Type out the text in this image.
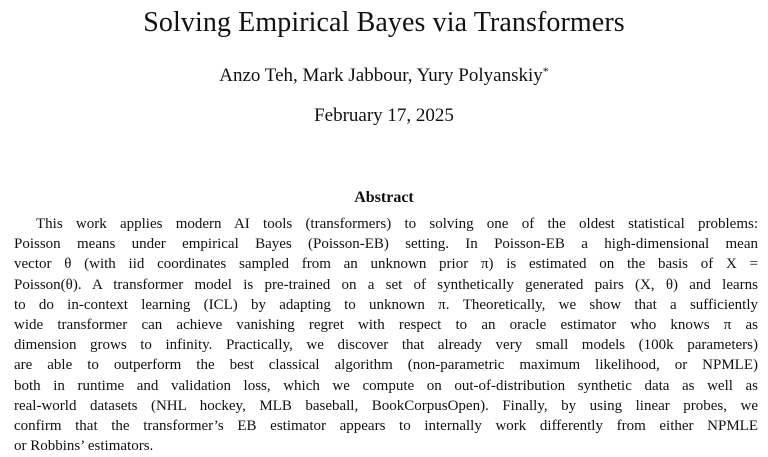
Solving Empirical Bayes via Transformers
Anzo Teh, Mark Jabbour, Yury Polyanskiy*
February 17, 2025
Abstract
This work applies modern AI tools (transformers) to solving one of the oldest statistical problems:
Poisson means under empirical Bayes (Poisson-EB) setting. In Poisson-EB a high-dimensional mean
vector θ (with iid coordinates sampled from an unknown prior π) is estimated on the basis of X =
Poisson(θ). A transformer model is pre-trained on a set of synthetically generated pairs (X, θ) and learns
to do in-context learning (ICL) by adapting to unknown π. Theoretically, we show that a sufficiently
wide transformer can achieve vanishing regret with respect to an oracle estimator who knows π as
dimension grows to infinity. Practically, we discover that already very small models (100k parameters)
are able to outperform the best classical algorithm (non-parametric maximum likelihood, or NPMLE)
both in runtime and validation loss, which we compute on out-of-distribution synthetic data as well as
real-world datasets (NHL hockey, MLB baseball, BookCorpusOpen). Finally, by using linear probes, we
confirm that the transformer’s EB estimator appears to internally work differently from either NPMLE
or Robbins’ estimators.
